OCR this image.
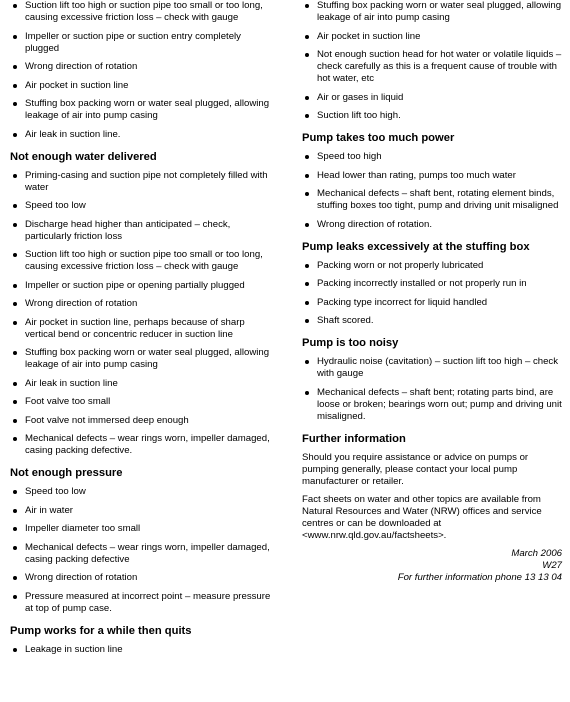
Suction lift too high or suction pipe too small or too long, causing excessive friction loss – check with gauge
Impeller or suction pipe or suction entry completely plugged
Wrong direction of rotation
Air pocket in suction line
Stuffing box packing worn or water seal plugged, allowing leakage of air into pump casing
Air leak in suction line.
Not enough water delivered
Priming-casing and suction pipe not completely filled with water
Speed too low
Discharge head higher than anticipated – check, particularly friction loss
Suction lift too high or suction pipe too small or too long, causing excessive friction loss – check with gauge
Impeller or suction pipe or opening partially plugged
Wrong direction of rotation
Air pocket in suction line, perhaps because of sharp vertical bend or concentric reducer in suction line
Stuffing box packing worn or water seal plugged, allowing leakage of air into pump casing
Air leak in suction line
Foot valve too small
Foot valve not immersed deep enough
Mechanical defects – wear rings worn, impeller damaged, casing packing defective.
Not enough pressure
Speed too low
Air in water
Impeller diameter too small
Mechanical defects – wear rings worn, impeller damaged, casing packing defective
Wrong direction of rotation
Pressure measured at incorrect point – measure pressure at top of pump case.
Pump works for a while then quits
Leakage in suction line
Stuffing box packing worn or water seal plugged, allowing leakage of air into pump casing
Air pocket in suction line
Not enough suction head for hot water or volatile liquids – check carefully as this is a frequent cause of trouble with hot water, etc
Air or gases in liquid
Suction lift too high.
Pump takes too much power
Speed too high
Head lower than rating, pumps too much water
Mechanical defects – shaft bent, rotating element binds, stuffing boxes too tight, pump and driving unit misaligned
Wrong direction of rotation.
Pump leaks excessively at the stuffing box
Packing worn or not properly lubricated
Packing incorrectly installed or not properly run in
Packing type incorrect for liquid handled
Shaft scored.
Pump is too noisy
Hydraulic noise (cavitation) – suction lift too high – check with gauge
Mechanical defects – shaft bent; rotating parts bind, are loose or broken; bearings worn out; pump and driving unit misaligned.
Further information

Should you require assistance or advice on pumps or pumping generally, please contact your local pump manufacturer or retailer.

Fact sheets on water and other topics are available from Natural Resources and Water (NRW) offices and service centres or can be downloaded at <www.nrw.qld.gov.au/factsheets>.

March 2006
W27
For further information phone 13 13 04
